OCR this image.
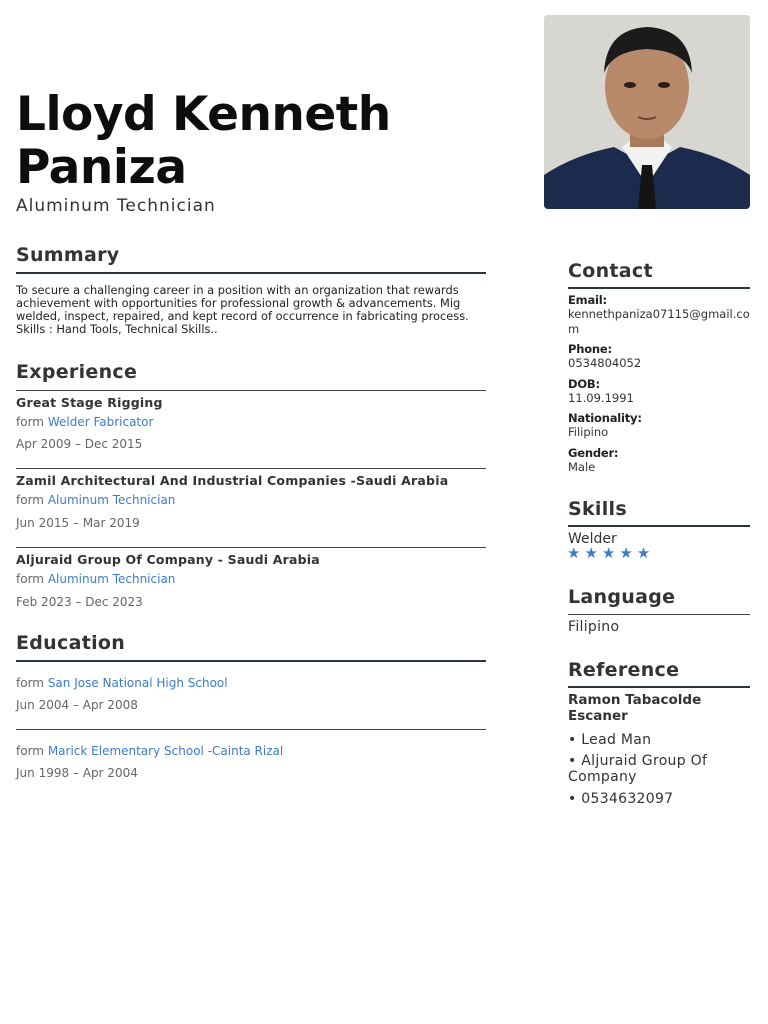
Lloyd Kenneth Paniza
Aluminum Technician
Summary
To secure a challenging career in a position with an organization that rewards achievement with opportunities for professional growth & advancements. Mig welded, inspect, repaired, and kept record of occurrence in fabricating process. Skills : Hand Tools, Technical Skills..
Experience
Great Stage Rigging
form Welder Fabricator
Apr 2009 – Dec 2015
Zamil Architectural And Industrial Companies -Saudi Arabia
form Aluminum Technician
Jun 2015 – Mar 2019
Aljuraid Group Of Company - Saudi Arabia
form Aluminum Technician
Feb 2023 – Dec 2023
Education
form San Jose National High School
Jun 2004 – Apr 2008
form Marick Elementary School -Cainta Rizal
Jun 1998 – Apr 2004
Contact
Email:
kennethpaniza07115@gmail.com
Phone:
0534804052
DOB:
11.09.1991
Nationality:
Filipino
Gender:
Male
Skills
Welder
★★★★★
Language
Filipino
Reference
Ramon Tabacolde Escaner
• Lead Man
• Aljuraid Group Of Company
• 0534632097
